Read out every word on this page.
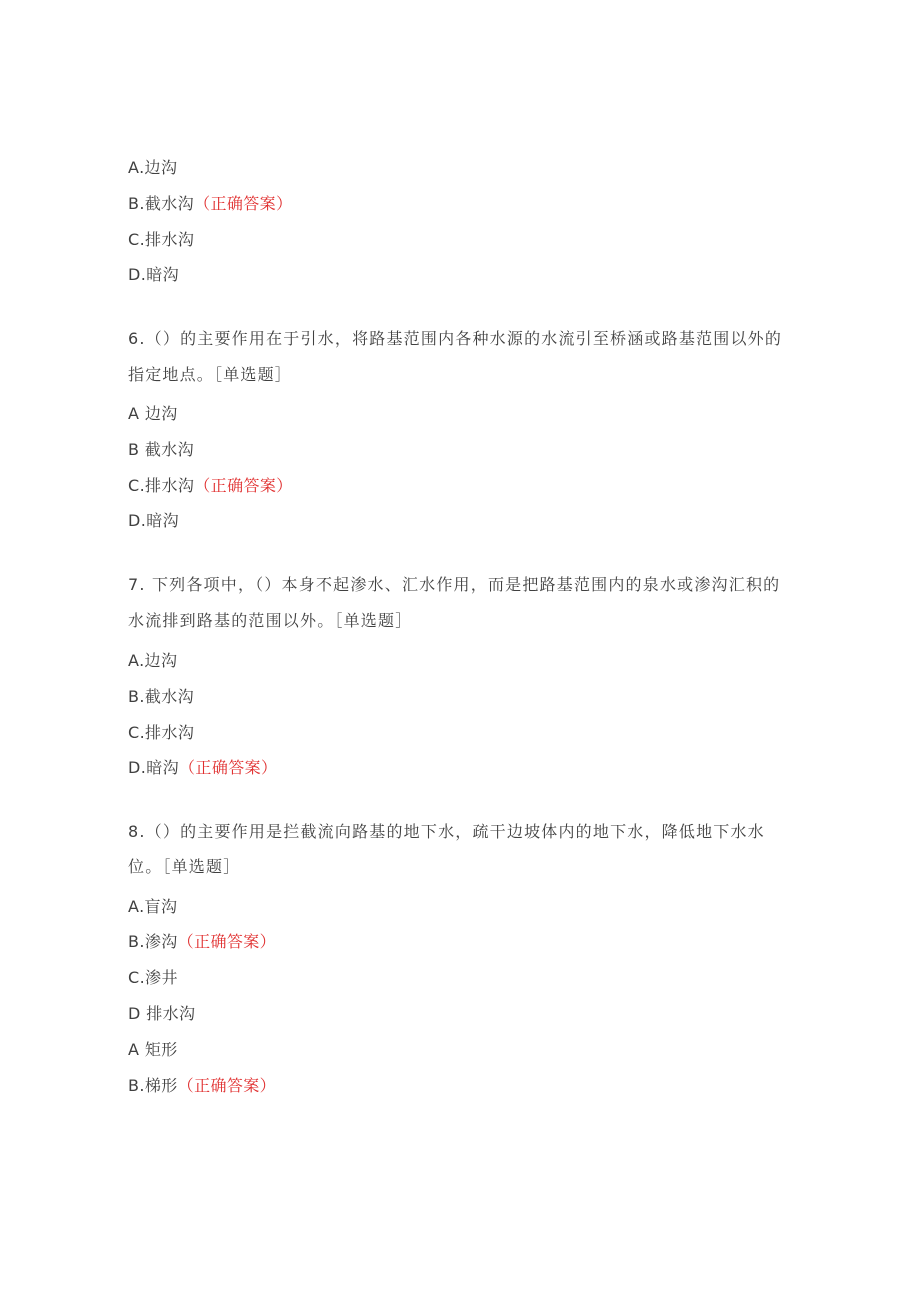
A.边沟
B.截水沟（正确答案）
C.排水沟
D.暗沟
6.（）的主要作用在于引水，将路基范围内各种水源的水流引至桥涵或路基范围以外的
指定地点。［单选题］
A 边沟
B 截水沟
C.排水沟（正确答案）
D.暗沟
7. 下列各项中，（）本身不起渗水、汇水作用，而是把路基范围内的泉水或渗沟汇积的
水流排到路基的范围以外。［单选题］
A.边沟
B.截水沟
C.排水沟
D.暗沟（正确答案）
8.（）的主要作用是拦截流向路基的地下水，疏干边坡体内的地下水，降低地下水水
位。［单选题］
A.盲沟
B.渗沟（正确答案）
C.渗井
D 排水沟
A 矩形
B.梯形（正确答案）
